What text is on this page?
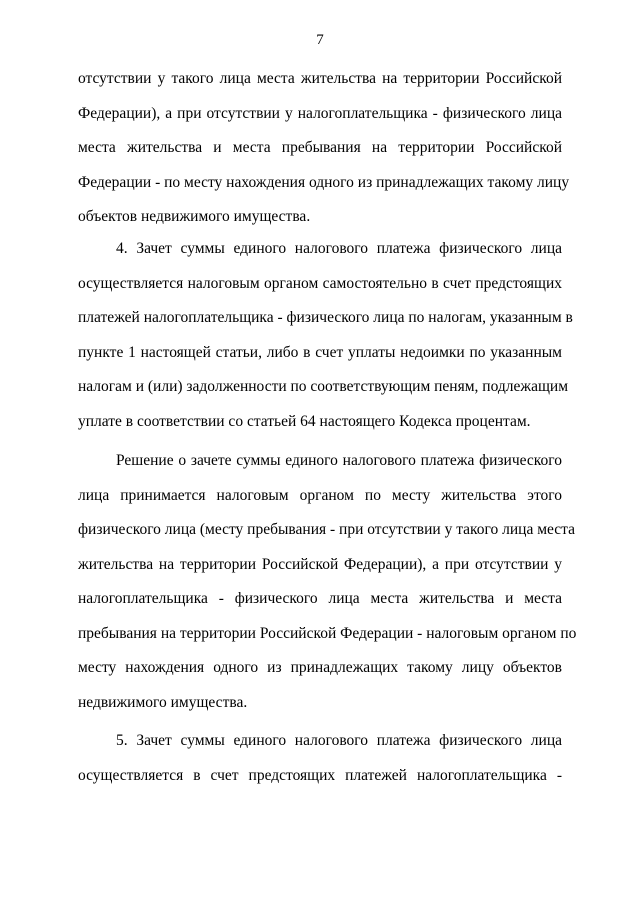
7
отсутствии у такого лица места жительства на территории Российской
Федерации), а при отсутствии у налогоплательщика - физического лица
места жительства и места пребывания на территории Российской
Федерации - по месту нахождения одного из принадлежащих такому лицу
объектов недвижимого имущества.
4. Зачет суммы единого налогового платежа физического лица
осуществляется налоговым органом самостоятельно в счет предстоящих
платежей налогоплательщика - физического лица по налогам, указанным в
пункте 1 настоящей статьи, либо в счет уплаты недоимки по указанным
налогам и (или) задолженности по соответствующим пеням, подлежащим
уплате в соответствии со статьей 64 настоящего Кодекса процентам.
Решение о зачете суммы единого налогового платежа физического
лица принимается налоговым органом по месту жительства этого
физического лица (месту пребывания - при отсутствии у такого лица места
жительства на территории Российской Федерации), а при отсутствии у
налогоплательщика - физического лица места жительства и места
пребывания на территории Российской Федерации - налоговым органом по
месту нахождения одного из принадлежащих такому лицу объектов
недвижимого имущества.
5. Зачет суммы единого налогового платежа физического лица
осуществляется в счет предстоящих платежей налогоплательщика -
